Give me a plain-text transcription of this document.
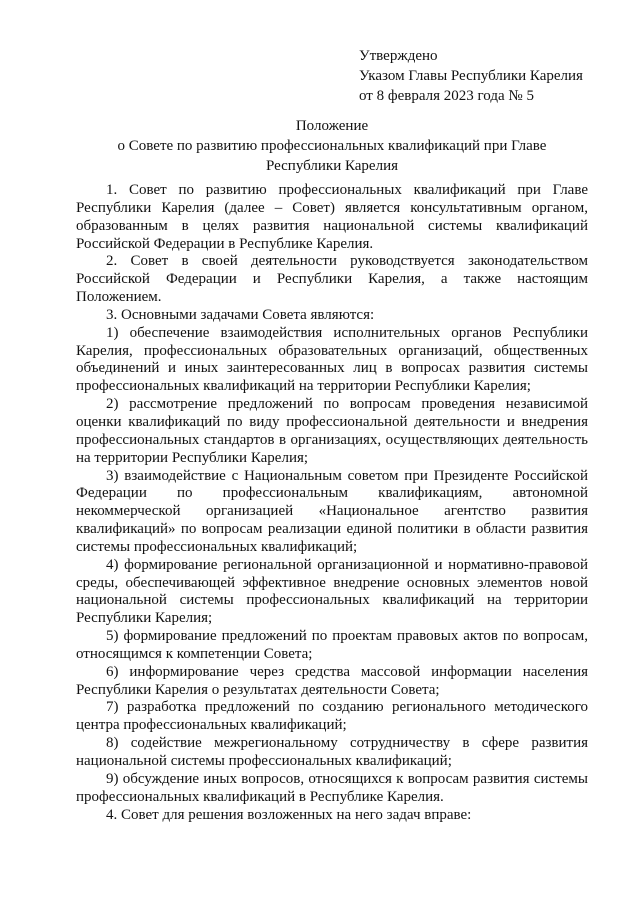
Утверждено
Указом Главы Республики Карелия
от 8 февраля 2023 года № 5
Положение
о Совете по развитию профессиональных квалификаций при Главе
Республики Карелия

1. Совет по развитию профессиональных квалификаций при Главе Республики Карелия (далее – Совет) является консультативным органом, образованным в целях развития национальной системы квалификаций Российской Федерации в Республике Карелия.

2. Совет в своей деятельности руководствуется законодательством Российской Федерации и Республики Карелия, а также настоящим Положением.

3. Основными задачами Совета являются:

1) обеспечение взаимодействия исполнительных органов Республики Карелия, профессиональных образовательных организаций, общественных объединений и иных заинтересованных лиц в вопросах развития системы профессиональных квалификаций на территории Республики Карелия;

2) рассмотрение предложений по вопросам проведения независимой оценки квалификаций по виду профессиональной деятельности и внедрения профессиональных стандартов в организациях, осуществляющих деятельность на территории Республики Карелия;

3) взаимодействие с Национальным советом при Президенте Российской Федерации по профессиональным квалификациям, автономной некоммерческой организацией «Национальное агентство развития квалификаций» по вопросам реализации единой политики в области развития системы профессиональных квалификаций;

4) формирование региональной организационной и нормативно-правовой среды, обеспечивающей эффективное внедрение основных элементов новой национальной системы профессиональных квалификаций на территории Республики Карелия;

5) формирование предложений по проектам правовых актов по вопросам, относящимся к компетенции Совета;

6) информирование через средства массовой информации населения Республики Карелия о результатах деятельности Совета;

7) разработка предложений по созданию регионального методического центра профессиональных квалификаций;

8) содействие межрегиональному сотрудничеству в сфере развития национальной системы профессиональных квалификаций;

9) обсуждение иных вопросов, относящихся к вопросам развития системы профессиональных квалификаций в Республике Карелия.

4. Совет для решения возложенных на него задач вправе:
